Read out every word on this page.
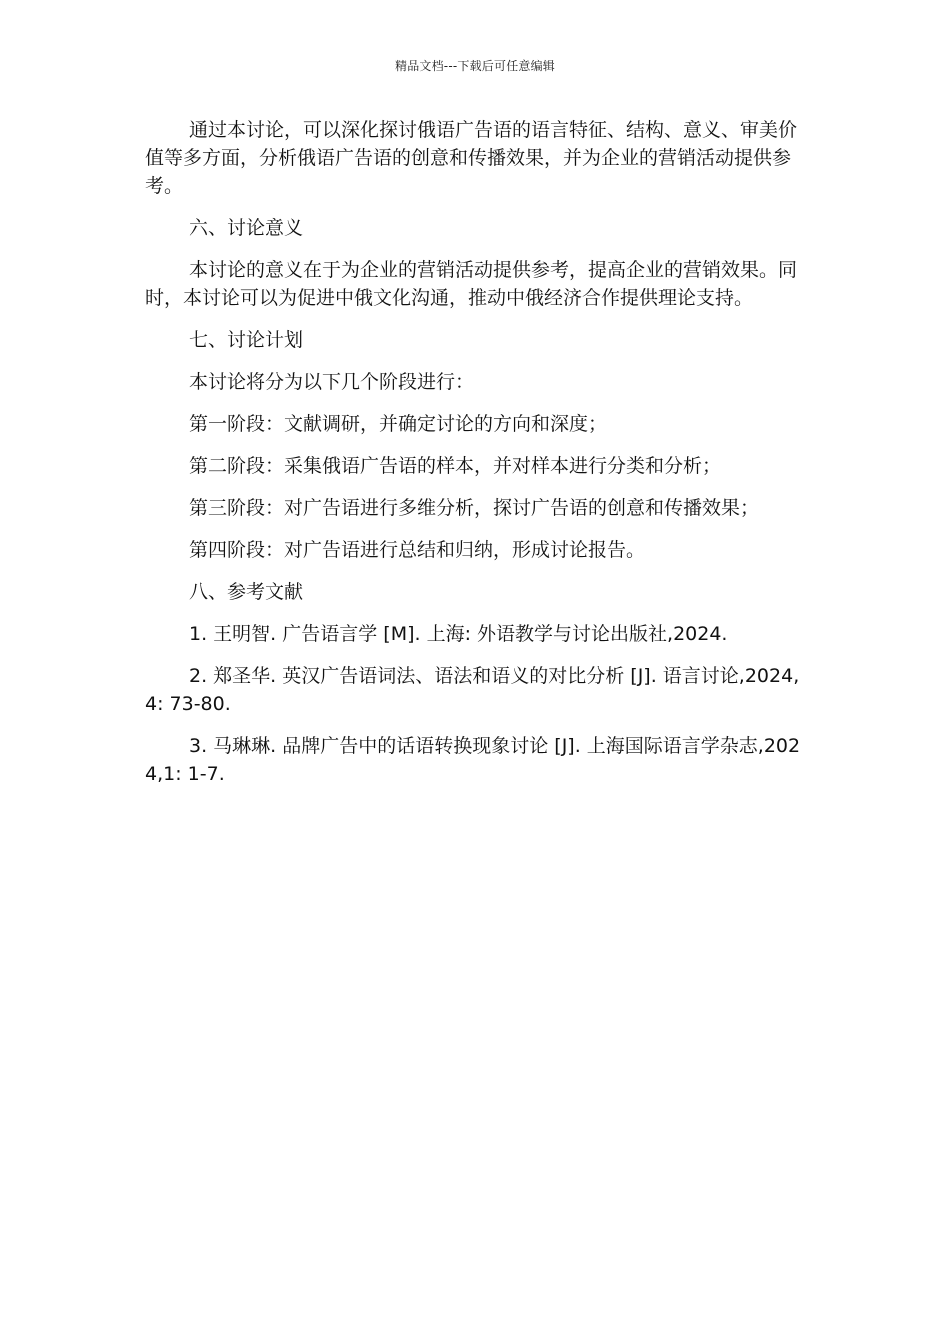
精品文档---下载后可任意编辑

通过本讨论，可以深化探讨俄语广告语的语言特征、结构、意义、审美价值等多方面，分析俄语广告语的创意和传播效果，并为企业的营销活动提供参考。

六、讨论意义

本讨论的意义在于为企业的营销活动提供参考，提高企业的营销效果。同时，本讨论可以为促进中俄文化沟通，推动中俄经济合作提供理论支持。

七、讨论计划

本讨论将分为以下几个阶段进行：

第一阶段：文献调研，并确定讨论的方向和深度；

第二阶段：采集俄语广告语的样本，并对样本进行分类和分析；

第三阶段：对广告语进行多维分析，探讨广告语的创意和传播效果；

第四阶段：对广告语进行总结和归纳，形成讨论报告。

八、参考文献

1. 王明智. 广告语言学 [M]. 上海: 外语教学与讨论出版社,2024.

2. 郑圣华. 英汉广告语词法、语法和语义的对比分析 [J]. 语言讨论,2024,4: 73-80.

3. 马琳琳. 品牌广告中的话语转换现象讨论 [J]. 上海国际语言学杂志,2024,1: 1-7.
